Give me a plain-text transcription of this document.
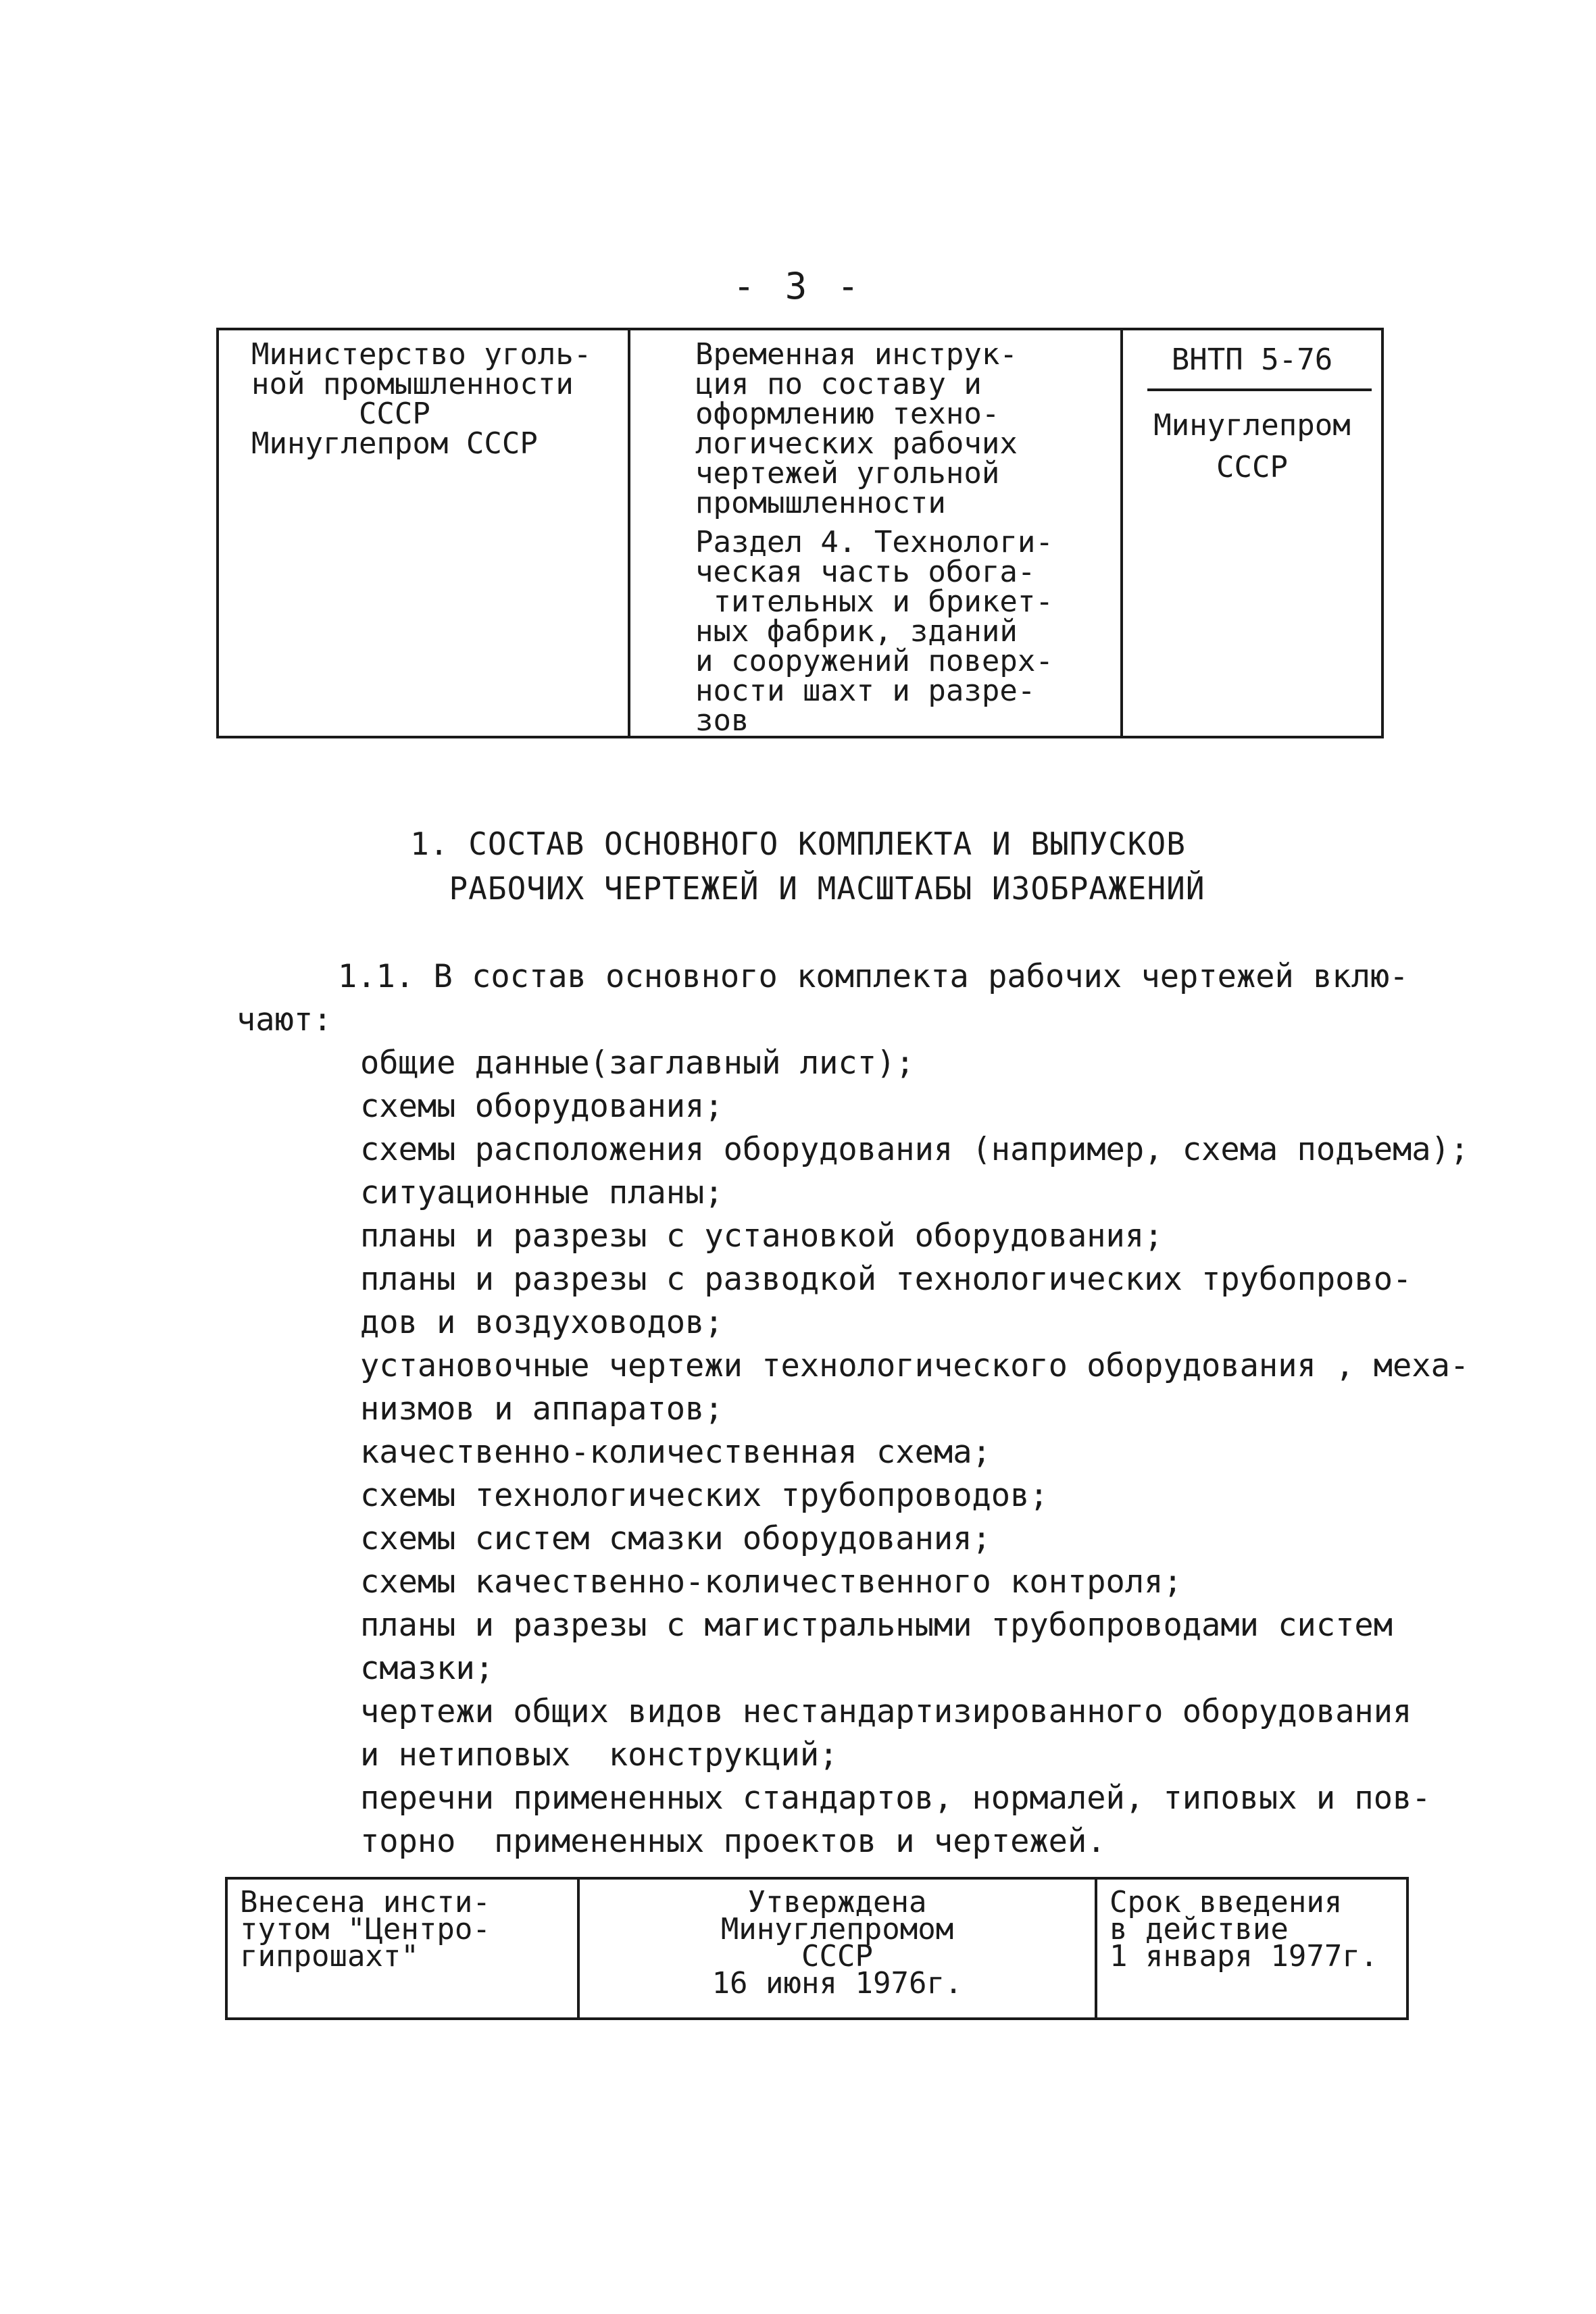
- 3 -
Министерство уголь-
ной промышленности
СССР
Минуглепром СССР

Временная инструк-
ция по составу и
оформлению техно-
логических рабочих
чертежей угольной
промышленности
Раздел 4. Технологи-
ческая часть обога-
тительных и брикет-
ных фабрик, зданий
и сооружений поверх-
ности шахт и разре-
зов

ВНТП 5-76
Минуглепром
СССР
1. СОСТАВ ОСНОВНОГО КОМПЛЕКТА И ВЫПУСКОВ
РАБОЧИХ ЧЕРТЕЖЕЙ И МАСШТАБЫ ИЗОБРАЖЕНИЙ
1.1. В состав основного комплекта рабочих чертежей вклю-
чают:
общие данные(заглавный лист);
схемы оборудования;
схемы расположения оборудования (например, схема подъема);
ситуационные планы;
планы и разрезы с установкой оборудования;
планы и разрезы с разводкой технологических трубопрово-
дов и воздуховодов;
установочные чертежи технологического оборудования , меха-
низмов и аппаратов;
качественно-количественная схема;
схемы технологических трубопроводов;
схемы систем смазки оборудования;
схемы качественно-количественного контроля;
планы и разрезы с магистральными трубопроводами систем
смазки;
чертежи общих видов нестандартизированного оборудования
и нетиповых  конструкций;
перечни примененных стандартов, нормалей, типовых и пов-
торно  примененных проектов и чертежей.
Внесена инсти-
тутом "Центро-
гипрошахт"

Утверждена
Минуглепромом
СССР
16 июня 1976г.

Срок введения
в действие
1 января 1977г.
